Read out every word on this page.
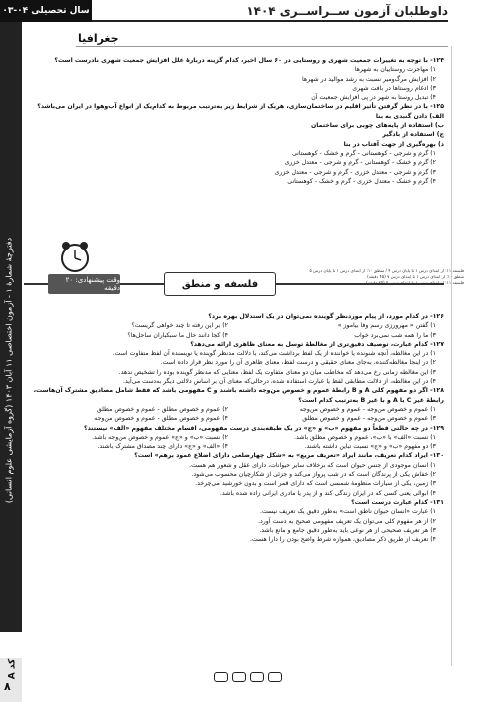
سال تحصیلی ۰۴-۰۳	داوطلبان آزمون ســراســری ۱۴۰۴
جغرافیا
دفترچهٔ شمارهٔ ۱ - آزمون اختصاصی ۱۱ آبان ۱۴۰۳ (گروه آزمایشی علوم انسانی)
کد A
۸
۱۲۴- با توجه به تغییرات جمعیت شهری و روستایی در ۶۰ سال اخیر، کدام گزینه دربارهٔ علل افزایش جمعیت شهری نادرست است؟
۱) مهاجرت روستاییان به شهرها
۲) افزایش مرگ‌ومیر نسبت به رشد موالید در شهرها
۳) ادغام روستاها در بافت شهری
۴) تبدیل روستا به شهر در پی افزایش جمعیت آن
۱۲۵- با در نظر گرفتن تأثیر اقلیم در ساختمان‌سازی، هریک از شرایط زیر به‌ترتیب مربوط به کدام‌یک از انواع آب‌وهوا در ایران می‌باشد؟
الف) دادن گنبدی به بنا
ب) استفاده از پایه‌های چوبی برای ساختمان
ج) استفاده از بادگیر
د) بهره‌گیری از جهت آفتاب در بنا
۱) گرم و شرجی - کوهستانی - گرم و خشک - کوهستانی
۲) گرم و خشک - کوهستانی - گرم و شرجی - معتدل خزری
۳) گرم و شرجی - معتدل خزری - گرم و شرجی - معتدل خزری
۴) گرم و خشک - معتدل خزری - گرم و خشک - کوهستانی
وقت پیشنهادی: ۲۰ دقیقه	فلسفه و منطق
فلسفه ۱۱: از ابتدای درس ۱ تا پایان درس ۴ / منطق ۱۰: از ابتدای درس ۱ تا پایان درس ۵
منطق ۱۰: از ابتدای درس ۱ تا ابتدای درس ۷ (۴۵ دقیقه)
فلسفه ۱۱: از ابتدای درس ۱ تا ابتدای درس ۵ (۳۵ دقیقه)
۱۲۶- در کدام مورد، از پیام موردنظر گوینده نمی‌توان در یک استدلال بهره برد؟
۱) گفتن « مهرورزی رسم وفا بیاموز »
۲) بر این رفته تا چند خواهی گریست؟
۳) ما را همه شب نمی‌برد خواب
۴) کجا دانند حال ما سبکباران ساحل‌ها؟
۱۲۷- کدام عبارت، توصیف دقیق‌تری از مغالطهٔ توسل به معنای ظاهری ارائه می‌دهد؟
۱) در این مغالطه، آنچه شنونده یا خواننده از یک لفظ برداشت می‌کند، با دلالت مدنظر گوینده یا نویسنده آن لفظ متفاوت است.
۲) در اینجا مغالطه‌کننده، به‌جای معنای حقیقی و درست لفظ، معنای ظاهری آن را مورد نظر قرار داده است.
۳) این مغالطه زمانی رخ می‌دهد که مخاطب میان دو معنای متفاوت یک لفظ، معنایی که مدنظر گوینده بوده را تشخیص ندهد.
۴) در این مغالطه، از دلالت مطابقی لفظ یا عبارت استفاده شده، درحالی‌که معنای آن بر اساس دلالتی دیگر به‌دست می‌آید.
۱۲۸- اگر دو مفهوم کلی A و B رابطهٔ عموم و خصوص من‌وجه داشته باشند و C مفهومی باشد که فقط شامل مصادیق مشترک آن‌هاست، رابطهٔ غیر C با A و با غیر B به‌ترتیب کدام است؟
۱) عموم و خصوص من‌وجه - عموم و خصوص من‌وجه
۲) عموم و خصوص مطلق - عموم و خصوص مطلق
۳) عموم و خصوص من‌وجه - عموم و خصوص مطلق
۴) عموم و خصوص مطلق - عموم و خصوص من‌وجه
۱۲۹- در چه حالتی قطعاً دو مفهوم «ب» و «ج» در یک طبقه‌بندی درست مفهومی، اقسام مختلف مفهوم «الف» نیستند؟
۱) نسبت «الف» با «ب»، عموم و خصوص مطلق باشد.
۲) نسبت «ب» و «ج» عموم و خصوص من‌وجه باشد.
۳) دو مفهوم «ب» و «ج» نسبت تباین داشته باشند.
۴) «الف» و «ج» دارای چند مصداق مشترک باشند.
۱۳۰- ایراد کدام تعریف، مانند ایراد «تعریف مربع» به «شکل چهارضلعی دارای اضلاع عمود برهم» است؟
۱) انسان موجودی از جنس حیوان است که برخلاف سایر حیوانات، دارای عقل و شعور هم هست.
۲) خفاش یکی از پرندگان است که در شب پرواز می‌کند و جزئی از شکارچیان محسوب می‌شود.
۳) زمین، یکی از سیارات منظومهٔ شمسی است که دارای قمر است و بدون خورشید می‌چرخد.
۴) ابوالی یعنی کسی که در ایران زندگی کند و از پدر یا مادری ایرانی زاده شده باشد.
۱۳۱- کدام عبارت درست است؟
۱) عبارت «انسان حیوان ناطق است» به‌طور دقیق یک تعریف نیست.
۲) از هر مفهوم کلی می‌توان یک تعریف مفهومی صحیح به دست آورد.
۳) هر تعریف صحیحی از هر نوعی باید به‌طور دقیق جامع و مانع باشد.
۴) تعریف از طریق ذکر مصادیق، همواره شرط واضح بودن را دارا هست.
